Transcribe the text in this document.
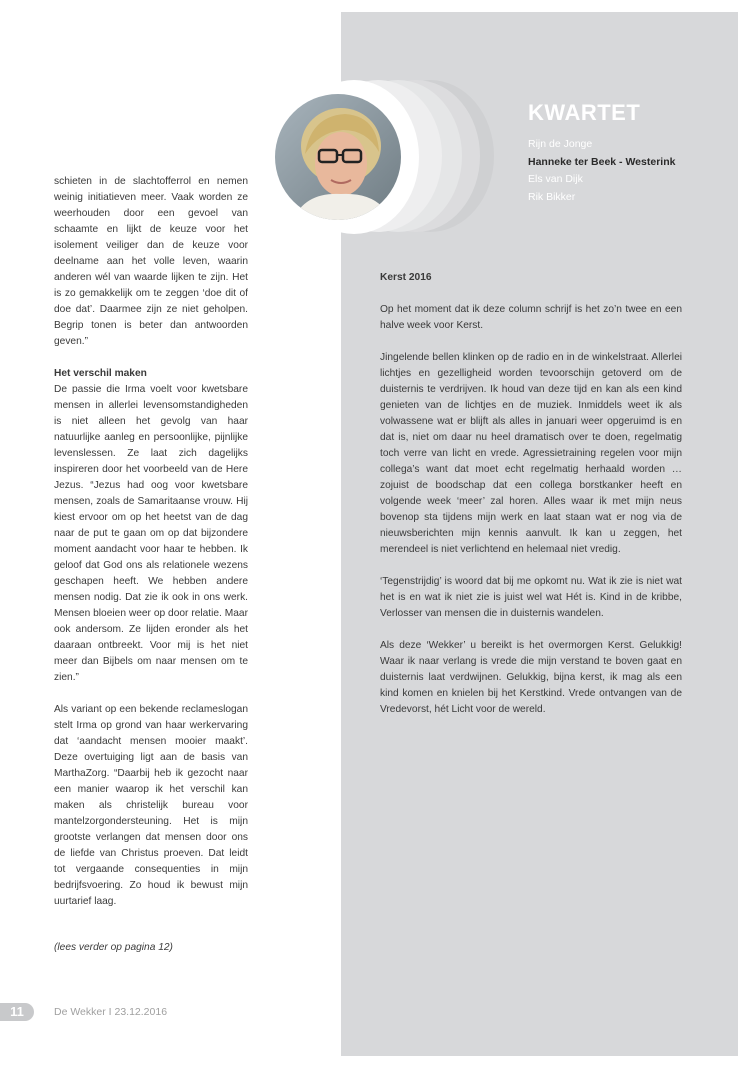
KWARTET
Rijn de Jonge
Hanneke ter Beek - Westerink
Els van Dijk
Rik Bikker

schieten in de slachtofferrol en nemen weinig initiatieven meer. Vaak worden ze weerhouden door een gevoel van schaamte en lijkt de keuze voor het isolement veiliger dan de keuze voor deelname aan het volle leven, waarin anderen wél van waarde lijken te zijn. Het is zo gemakkelijk om te zeggen ‘doe dit of doe dat’. Daarmee zijn ze niet geholpen. Begrip tonen is beter dan antwoorden geven.”

Het verschil maken
De passie die Irma voelt voor kwetsbare mensen in allerlei levensomstandigheden is niet alleen het gevolg van haar natuurlijke aanleg en persoonlijke, pijnlijke levenslessen. Ze laat zich dagelijks inspireren door het voorbeeld van de Here Jezus. “Jezus had oog voor kwetsbare mensen, zoals de Samaritaanse vrouw. Hij kiest ervoor om op het heetst van de dag naar de put te gaan om op dat bijzondere moment aandacht voor haar te hebben. Ik geloof dat God ons als relationele wezens geschapen heeft. We hebben andere mensen nodig. Dat zie ik ook in ons werk. Mensen bloeien weer op door relatie. Maar ook andersom. Ze lijden eronder als het daaraan ontbreekt. Voor mij is het niet meer dan Bijbels om naar mensen om te zien.”

Als variant op een bekende reclameslogan stelt Irma op grond van haar werkervaring dat ‘aandacht mensen mooier maakt’. Deze overtuiging ligt aan de basis van MarthaZorg. “Daarbij heb ik gezocht naar een manier waarop ik het verschil kan maken als christelijk bureau voor mantelzorgondersteuning. Het is mijn grootste verlangen dat mensen door ons de liefde van Christus proeven. Dat leidt tot vergaande consequenties in mijn bedrijfsvoering. Zo houd ik bewust mijn uurtarief laag.

(lees verder op pagina 12)

Kerst 2016

Op het moment dat ik deze column schrijf is het zo’n twee en een halve week voor Kerst.

Jingelende bellen klinken op de radio en in de winkelstraat. Allerlei lichtjes en gezelligheid worden tevoorschijn getoverd om de duisternis te verdrijven. Ik houd van deze tijd en kan als een kind genieten van de lichtjes en de muziek. Inmiddels weet ik als volwassene wat er blijft als alles in januari weer opgeruimd is en dat is, niet om daar nu heel dramatisch over te doen, regelmatig toch verre van licht en vrede. Agressietraining regelen voor mijn collega’s want dat moet echt regelmatig herhaald worden … zojuist de boodschap dat een collega borstkanker heeft en volgende week ‘meer’ zal horen. Alles waar ik met mijn neus bovenop sta tijdens mijn werk en laat staan wat er nog via de nieuwsberichten mijn kennis aanvult. Ik kan u zeggen, het merendeel is niet verlichtend en helemaal niet vredig.

‘Tegenstrijdig’ is woord dat bij me opkomt nu. Wat ik zie is niet wat het is en wat ik niet zie is juist wel wat Hét is. Kind in de kribbe, Verlosser van mensen die in duisternis wandelen.

Als deze ‘Wekker’ u bereikt is het overmorgen Kerst. Gelukkig! Waar ik naar verlang is vrede die mijn verstand te boven gaat en duisternis laat verdwijnen. Gelukkig, bijna kerst, ik mag als een kind komen en knielen bij het Kerstkind. Vrede ontvangen van de Vredevorst, hét Licht voor de wereld.

11	De Wekker I 23.12.2016
